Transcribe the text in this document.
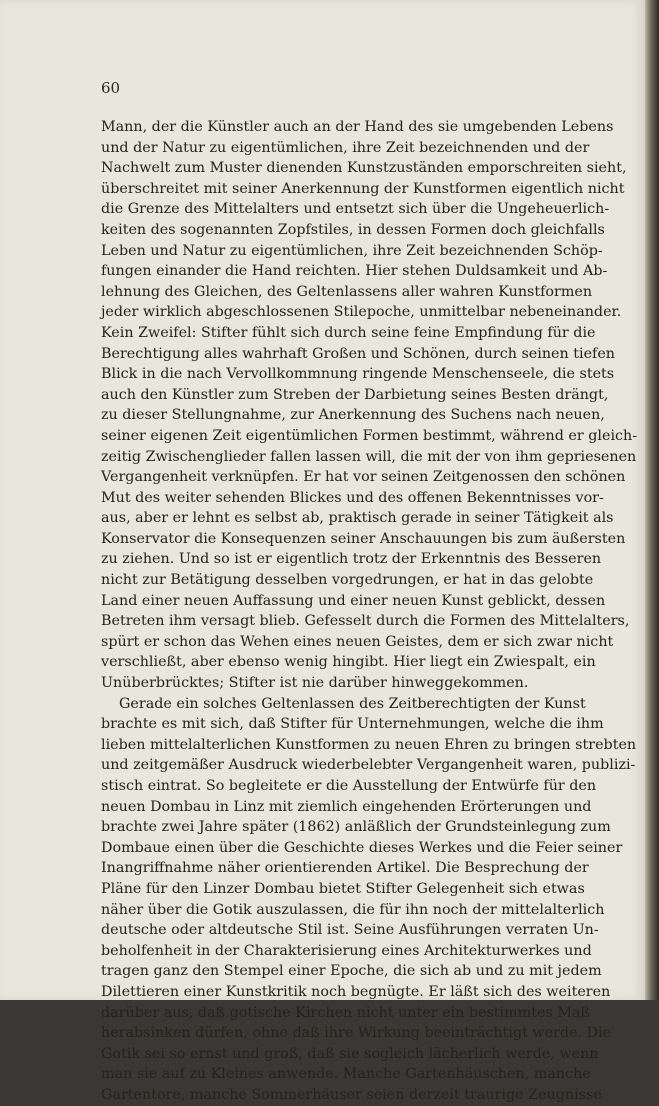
60

Mann, der die Künstler auch an der Hand des sie umgebenden Lebens
und der Natur zu eigentümlichen, ihre Zeit bezeichnenden und der
Nachwelt zum Muster dienenden Kunstzuständen emporschreiten sieht,
überschreitet mit seiner Anerkennung der Kunstformen eigentlich nicht
die Grenze des Mittelalters und entsetzt sich über die Ungeheuerlich-
keiten des sogenannten Zopfstiles, in dessen Formen doch gleichfalls
Leben und Natur zu eigentümlichen, ihre Zeit bezeichnenden Schöp-
fungen einander die Hand reichten. Hier stehen Duldsamkeit und Ab-
lehnung des Gleichen, des Geltenlassens aller wahren Kunstformen
jeder wirklich abgeschlossenen Stilepoche, unmittelbar nebeneinander.
Kein Zweifel: Stifter fühlt sich durch seine feine Empfindung für die
Berechtigung alles wahrhaft Großen und Schönen, durch seinen tiefen
Blick in die nach Vervollkommnung ringende Menschenseele, die stets
auch den Künstler zum Streben der Darbietung seines Besten drängt,
zu dieser Stellungnahme, zur Anerkennung des Suchens nach neuen,
seiner eigenen Zeit eigentümlichen Formen bestimmt, während er gleich-
zeitig Zwischenglieder fallen lassen will, die mit der von ihm gepriesenen
Vergangenheit verknüpfen. Er hat vor seinen Zeitgenossen den schönen
Mut des weiter sehenden Blickes und des offenen Bekenntnisses vor-
aus, aber er lehnt es selbst ab, praktisch gerade in seiner Tätigkeit als
Konservator die Konsequenzen seiner Anschauungen bis zum äußersten
zu ziehen. Und so ist er eigentlich trotz der Erkenntnis des Besseren
nicht zur Betätigung desselben vorgedrungen, er hat in das gelobte
Land einer neuen Auffassung und einer neuen Kunst geblickt, dessen
Betreten ihm versagt blieb. Gefesselt durch die Formen des Mittelalters,
spürt er schon das Wehen eines neuen Geistes, dem er sich zwar nicht
verschließt, aber ebenso wenig hingibt. Hier liegt ein Zwiespalt, ein
Unüberbrücktes; Stifter ist nie darüber hinweggekommen.
Gerade ein solches Geltenlassen des Zeitberechtigten der Kunst
brachte es mit sich, daß Stifter für Unternehmungen, welche die ihm
lieben mittelalterlichen Kunstformen zu neuen Ehren zu bringen strebten
und zeitgemäßer Ausdruck wiederbelebter Vergangenheit waren, publizi-
stisch eintrat. So begleitete er die Ausstellung der Entwürfe für den
neuen Dombau in Linz mit ziemlich eingehenden Erörterungen und
brachte zwei Jahre später (1862) anläßlich der Grundsteinlegung zum
Dombaue einen über die Geschichte dieses Werkes und die Feier seiner
Inangriffnahme näher orientierenden Artikel. Die Besprechung der
Pläne für den Linzer Dombau bietet Stifter Gelegenheit sich etwas
näher über die Gotik auszulassen, die für ihn noch der mittelalterlich
deutsche oder altdeutsche Stil ist. Seine Ausführungen verraten Un-
beholfenheit in der Charakterisierung eines Architekturwerkes und
tragen ganz den Stempel einer Epoche, die sich ab und zu mit jedem
Dilettieren einer Kunstkritik noch begnügte. Er läßt sich des weiteren
darüber aus, daß gotische Kirchen nicht unter ein bestimmtes Maß
herabsinken dürfen, ohne daß ihre Wirkung beeinträchtigt werde. Die
Gotik sei so ernst und groß, daß sie sogleich lächerlich werde, wenn
man sie auf zu Kleines anwende. Manche Gartenhäuschen, manche
Gartentore, manche Sommerhäuser seien derzeit traurige Zeugnisse
